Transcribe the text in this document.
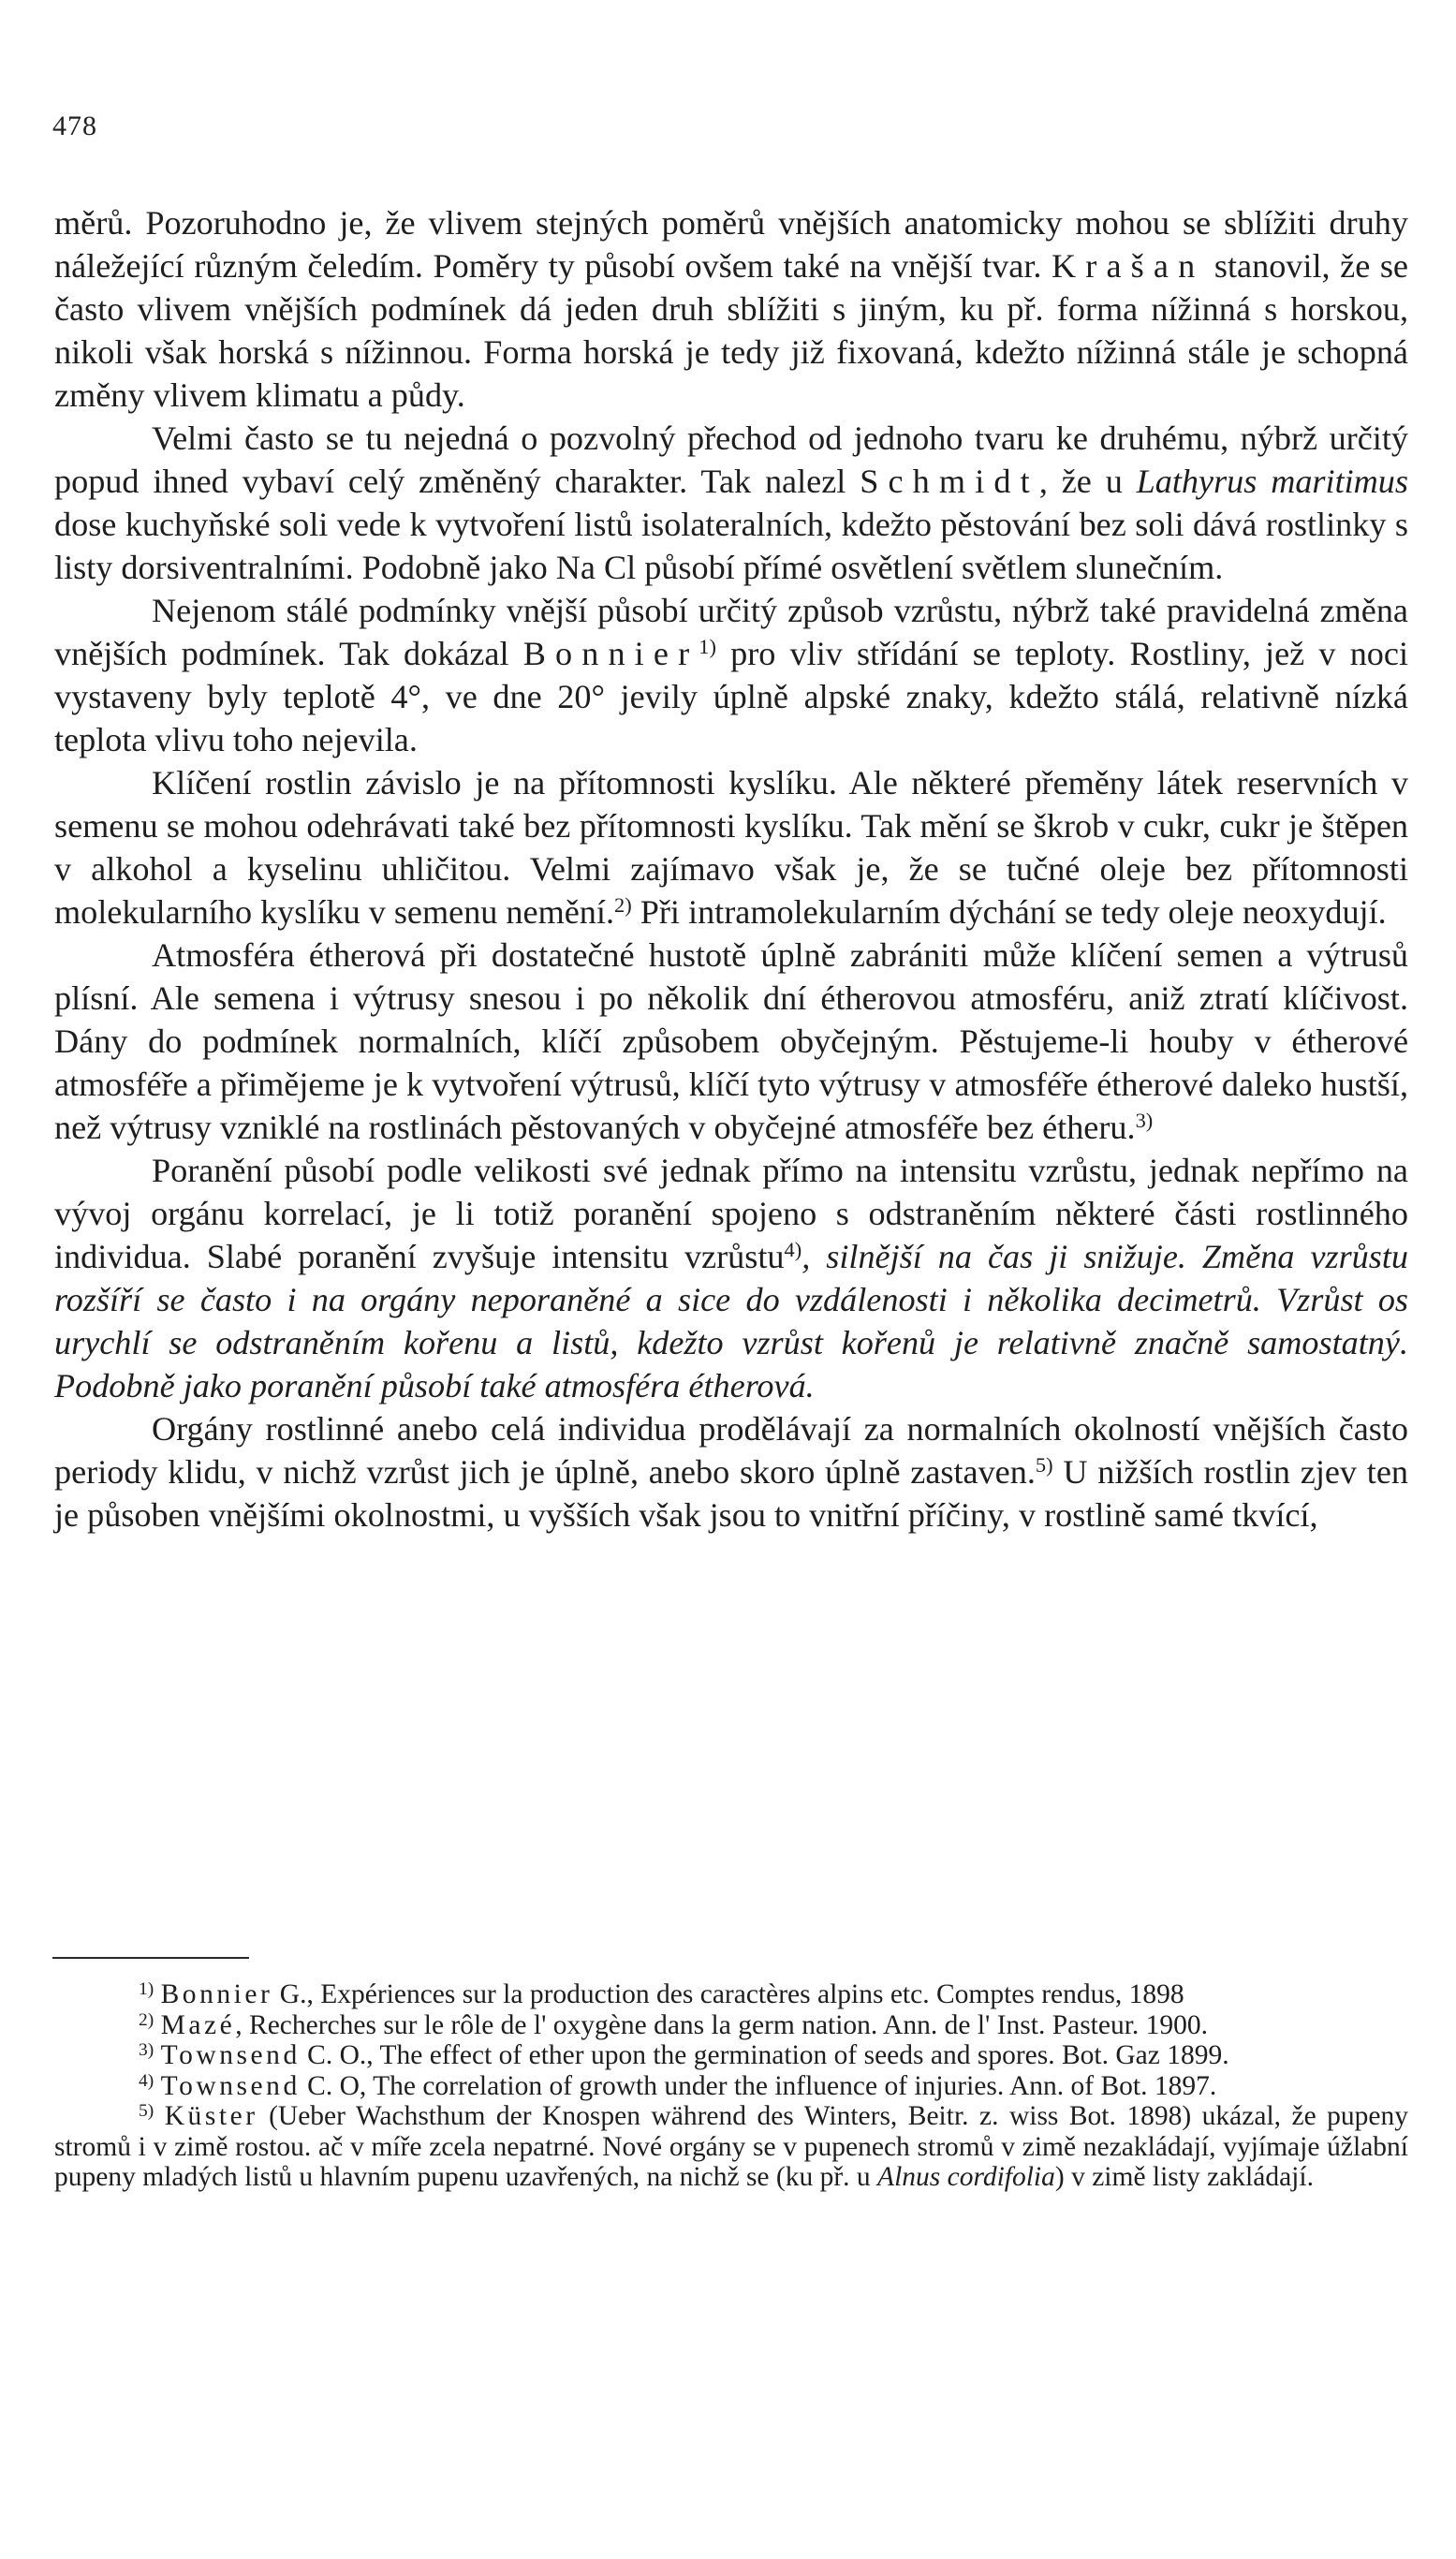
478

měrů. Pozoruhodno je, že vlivem stejných poměrů vnějších anatomicky mohou se sblížiti druhy náležející různým čeledím. Poměry ty působí ovšem také na vnější tvar. Krašan stanovil, že se často vlivem vnějších podmínek dá jeden druh sblížiti s jiným, ku př. forma nížinná s horskou, nikoli však horská s nížinnou. Forma horská je tedy již fixovaná, kdežto nížinná stále je schopná změny vlivem klimatu a půdy.

Velmi často se tu nejedná o pozvolný přechod od jednoho tvaru ke druhému, nýbrž určitý popud ihned vybaví celý změněný charakter. Tak nalezl Schmidt, že u Lathyrus maritimus dose kuchyňské soli vede k vytvoření listů isolateralních, kdežto pěstování bez soli dává rostlinky s listy dorsiventralními. Podobně jako Na Cl působí přímé osvětlení světlem slunečním.

Nejenom stálé podmínky vnější působí určitý způsob vzrůstu, nýbrž také pravidelná změna vnějších podmínek. Tak dokázal Bonnier$^{1)}$ pro vliv střídání se teploty. Rostliny, jež v noci vystaveny byly teplotě 4°, ve dne 20° jevily úplně alpské znaky, kdežto stálá, relativně nízká teplota vlivu toho nejevila.

Klíčení rostlin závislo je na přítomnosti kyslíku. Ale některé přeměny látek reservních v semenu se mohou odehrávati také bez přítomnosti kyslíku. Tak mění se škrob v cukr, cukr je štěpen v alkohol a kyselinu uhličitou. Velmi zajímavo však je, že se tučné oleje bez přítomnosti molekularního kyslíku v semenu nemění.$^{2)}$ Při intramolekularním dýchání se tedy oleje neoxydují.

Atmosféra étherová při dostatečné hustotě úplně zabrániti může klíčení semen a výtrusů plísní. Ale semena i výtrusy snesou i po několik dní étherovou atmosféru, aniž ztratí klíčivost. Dány do podmínek normalních, klíčí způsobem obyčejným. Pěstujeme-li houby v étherové atmosféře a přimějeme je k vytvoření výtrusů, klíčí tyto výtrusy v atmosféře étherové daleko hustší, než výtrusy vzniklé na rostlinách pěstovaných v obyčejné atmosféře bez étheru.$^{3)}$

Poranění působí podle velikosti své jednak přímo na intensitu vzrůstu, jednak nepřímo na vývoj orgánu korrelací, je li totiž poranění spojeno s odstraněním některé části rostlinného individua. Slabé poranění zvyšuje intensitu vzrůstu$^{4)}$, silnější na čas ji snižuje. Změna vzrůstu rozšíří se často i na orgány neporaněné a sice do vzdálenosti i několika decimetrů. Vzrůst os urychlí se odstraněním kořenu a listů, kdežto vzrůst kořenů je relativně značně samostatný. Podobně jako poranění působí také atmosféra étherová.

Orgány rostlinné anebo celá individua prodělávají za normalních okolností vnějších často periody klidu, v nichž vzrůst jich je úplně, anebo skoro úplně zastaven.$^{5)}$ U nižších rostlin zjev ten je působen vnějšími okolnostmi, u vyšších však jsou to vnitřní příčiny, v rostlině samé tkvící,

$^{1)}$ Bonnier G., Expériences sur la production des caractères alpins etc. Comptes rendus, 1898

$^{2)}$ Mazé, Recherches sur le rôle de l' oxygène dans la germ nation. Ann. de l' Inst. Pasteur. 1900.

$^{3)}$ Townsend C. O., The effect of ether upon the germination of seeds and spores. Bot. Gaz 1899.

$^{4)}$ Townsend C. O, The correlation of growth under the influence of injuries. Ann. of Bot. 1897.

$^{5)}$ Küster (Ueber Wachsthum der Knospen während des Winters, Beitr. z. wiss Bot. 1898) ukázal, že pupeny stromů i v zimě rostou. ač v míře zcela nepatrné. Nové orgány se v pupenech stromů v zimě nezakládají, vyjímaje úžlabní pupeny mladých listů u hlavním pupenu uzavřených, na nichž se (ku př. u Alnus cordifolia) v zimě listy zakládají.
